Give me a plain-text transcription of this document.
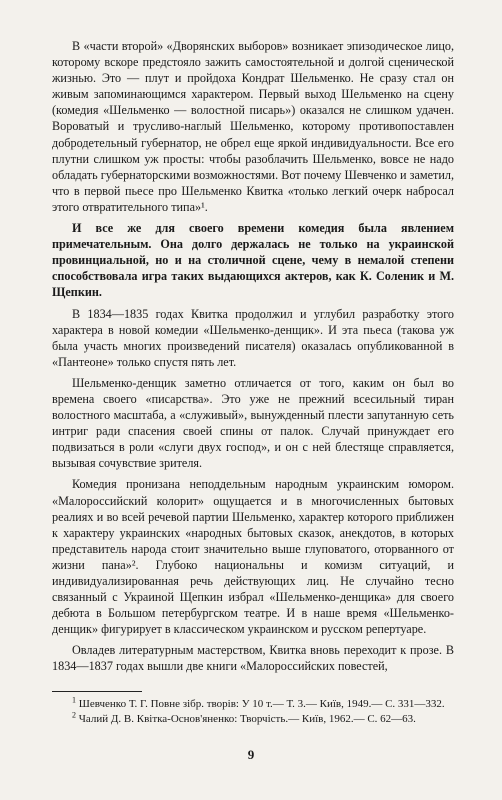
В «части второй» «Дворянских выборов» возникает эпизодическое лицо, которому вскоре предстояло зажить самостоятельной и долгой сценической жизнью. Это — плут и пройдоха Кондрат Шельменко. Не сразу стал он живым запоминающимся характером. Первый выход Шельменко на сцену (комедия «Шельменко — волостной писарь») оказался не слишком удачен. Вороватый и трусливо-наглый Шельменко, которому противопоставлен добродетельный губернатор, не обрел еще яркой индивидуальности. Все его плутни слишком уж просты: чтобы разоблачить Шельменко, вовсе не надо обладать губернаторскими возможностями. Вот почему Шевченко и заметил, что в первой пьесе про Шельменко Квитка «только легкий очерк набросал этого отвратительного типа»¹.

И все же для своего времени комедия была явлением примечательным. Она долго держалась не только на украинской провинциальной, но и на столичной сцене, чему в немалой степени способствовала игра таких выдающихся актеров, как К. Соленик и М. Щепкин.

В 1834—1835 годах Квитка продолжил и углубил разработку этого характера в новой комедии «Шельменко-денщик». И эта пьеса (такова уж была участь многих произведений писателя) оказалась опубликованной в «Пантеоне» только спустя пять лет.

Шельменко-денщик заметно отличается от того, каким он был во времена своего «писарства». Это уже не прежний всесильный тиран волостного масштаба, а «служивый», вынужденный плести запутанную сеть интриг ради спасения своей спины от палок. Случай принуждает его подвизаться в роли «слуги двух господ», и он с ней блестяще справляется, вызывая сочувствие зрителя.

Комедия пронизана неподдельным народным украинским юмором. «Малороссийский колорит» ощущается и в многочисленных бытовых реалиях и во всей речевой партии Шельменко, характер которого приближен к характеру украинских «народных бытовых сказок, анекдотов, в которых представитель народа стоит значительно выше глуповатого, оторванного от жизни пана»². Глубоко национальны и комизм ситуаций, и индивидуализированная речь действующих лиц. Не случайно тесно связанный с Украиной Щепкин избрал «Шельменко-денщика» для своего дебюта в Большом петербургском театре. И в наше время «Шельменко-денщик» фигурирует в классическом украинском и русском репертуаре.

Овладев литературным мастерством, Квитка вновь переходит к прозе. В 1834—1837 годах вышли две книги «Малороссийских повестей,

$^1$ Шевченко Т. Г. Повне зібр. творів: У 10 т.— Т. 3.— Київ, 1949.— С. 331—332.

$^2$ Чалий Д. В. Квітка-Основ'яненко: Творчість.— Київ, 1962.— С. 62—63.

9
